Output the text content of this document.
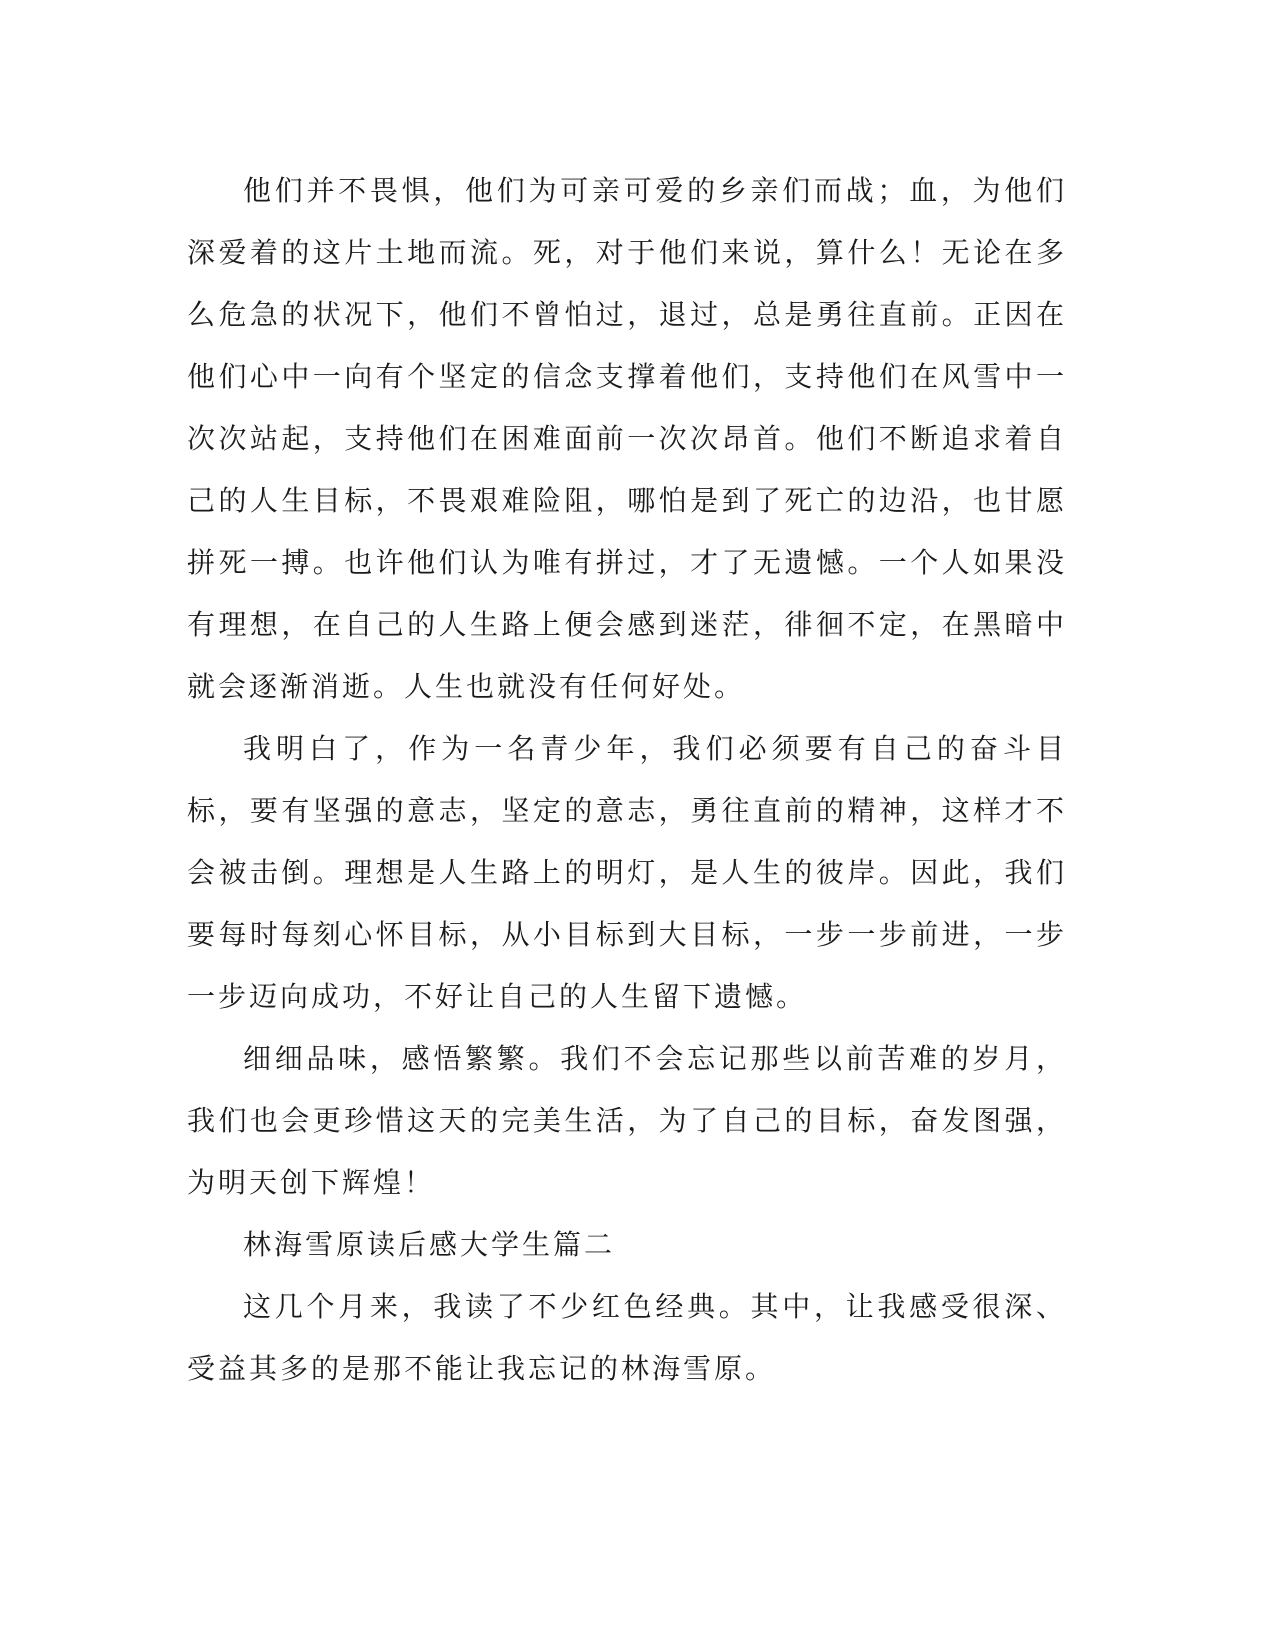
他们并不畏惧，他们为可亲可爱的乡亲们而战；血，为他们深爱着的这片土地而流。死，对于他们来说，算什么！无论在多么危急的状况下，他们不曾怕过，退过，总是勇往直前。正因在他们心中一向有个坚定的信念支撑着他们，支持他们在风雪中一次次站起，支持他们在困难面前一次次昂首。他们不断追求着自己的人生目标，不畏艰难险阻，哪怕是到了死亡的边沿，也甘愿拼死一搏。也许他们认为唯有拼过，才了无遗憾。一个人如果没有理想，在自己的人生路上便会感到迷茫，徘徊不定，在黑暗中就会逐渐消逝。人生也就没有任何好处。

我明白了，作为一名青少年，我们必须要有自己的奋斗目标，要有坚强的意志，坚定的意志，勇往直前的精神，这样才不会被击倒。理想是人生路上的明灯，是人生的彼岸。因此，我们要每时每刻心怀目标，从小目标到大目标，一步一步前进，一步一步迈向成功，不好让自己的人生留下遗憾。

细细品味，感悟繁繁。我们不会忘记那些以前苦难的岁月，我们也会更珍惜这天的完美生活，为了自己的目标，奋发图强，为明天创下辉煌！

林海雪原读后感大学生篇二

这几个月来，我读了不少红色经典。其中，让我感受很深、受益其多的是那不能让我忘记的林海雪原。
